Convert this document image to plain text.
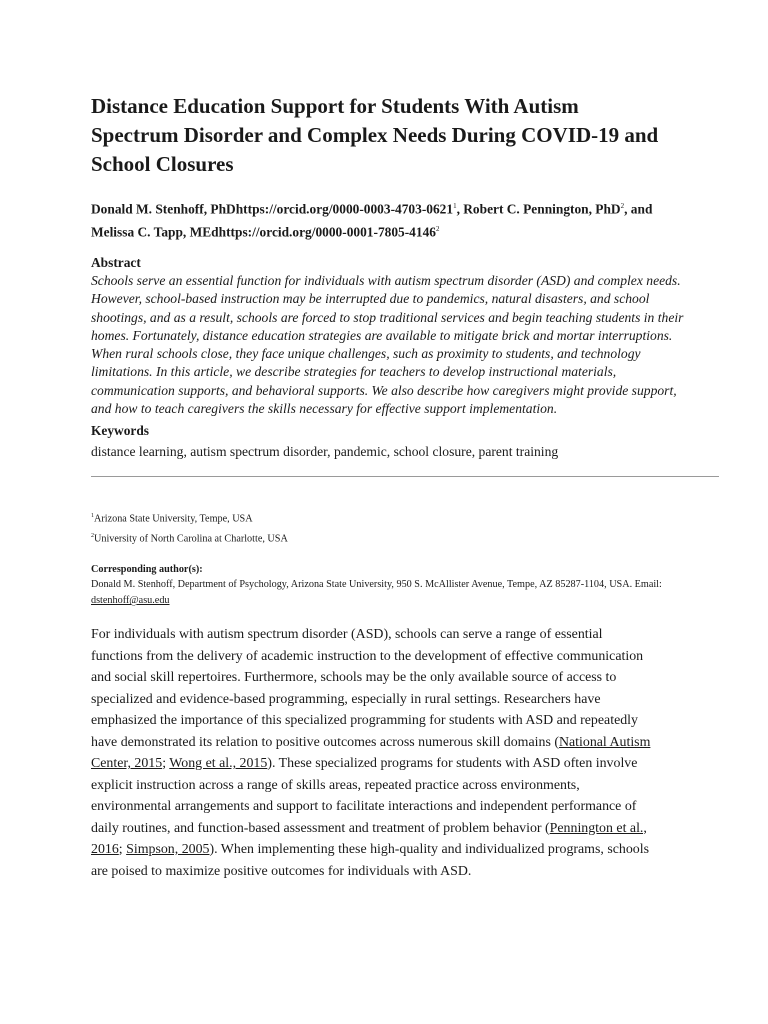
Distance Education Support for Students With Autism Spectrum Disorder and Complex Needs During COVID-19 and School Closures
Donald M. Stenhoff, PhDhttps://orcid.org/0000-0003-4703-0621$^1$, Robert C. Pennington, PhD$^2$, and Melissa C. Tapp, MEdhttps://orcid.org/0000-0001-7805-4146$^2$
Abstract
Schools serve an essential function for individuals with autism spectrum disorder (ASD) and complex needs. However, school-based instruction may be interrupted due to pandemics, natural disasters, and school shootings, and as a result, schools are forced to stop traditional services and begin teaching students in their homes. Fortunately, distance education strategies are available to mitigate brick and mortar interruptions. When rural schools close, they face unique challenges, such as proximity to students, and technology limitations. In this article, we describe strategies for teachers to develop instructional materials, communication supports, and behavioral supports. We also describe how caregivers might provide support, and how to teach caregivers the skills necessary for effective support implementation.
Keywords
distance learning, autism spectrum disorder, pandemic, school closure, parent training
$^1$Arizona State University, Tempe, USA
$^2$University of North Carolina at Charlotte, USA
Corresponding author(s):
Donald M. Stenhoff, Department of Psychology, Arizona State University, 950 S. McAllister Avenue, Tempe, AZ 85287-1104, USA. Email: dstenhoff@asu.edu
For individuals with autism spectrum disorder (ASD), schools can serve a range of essential functions from the delivery of academic instruction to the development of effective communication and social skill repertoires. Furthermore, schools may be the only available source of access to specialized and evidence-based programming, especially in rural settings. Researchers have emphasized the importance of this specialized programming for students with ASD and repeatedly have demonstrated its relation to positive outcomes across numerous skill domains (National Autism Center, 2015; Wong et al., 2015). These specialized programs for students with ASD often involve explicit instruction across a range of skills areas, repeated practice across environments, environmental arrangements and support to facilitate interactions and independent performance of daily routines, and function-based assessment and treatment of problem behavior (Pennington et al., 2016; Simpson, 2005). When implementing these high-quality and individualized programs, schools are poised to maximize positive outcomes for individuals with ASD.
